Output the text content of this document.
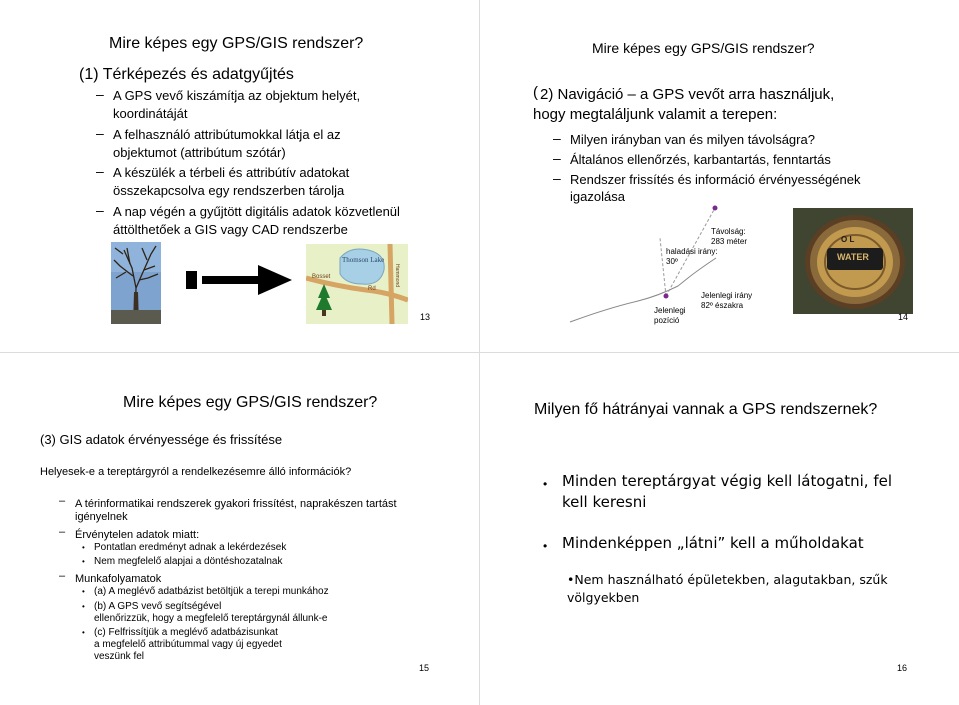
Mire képes egy GPS/GIS rendszer?

(1) Térképezés és adatgyűjtés

– A GPS vevő kiszámítja az objektum helyét,

koordinátáját

– A felhasználó attribútumokkal látja el az

objektumot (attribútum szótár)

– A készülék a térbeli és attribútív adatokat

összekapcsolva egy rendszerben tárolja

– A nap végén a gyűjtött digitális adatok közvetlenül

áttölthetőek a GIS vagy CAD rendszerbe

Thomson Lake
Bosset
Rd
Hammond
13

Mire képes egy GPS/GIS rendszer?

( 2) Navigáció – a GPS vevőt arra használjuk,

hogy megtaláljunk valamit a terepen:

– Milyen irányban van és milyen távolságra?

– Általános ellenőrzés, karbantartás, fenntartás

– Rendszer frissítés és információ érvényességének

igazolása

Távolság:
283 méter
haladási irány:
30º
Jelenlegi irány
82º északra
Jelenlegi
pozíció
O L
WATER
14

Mire képes egy GPS/GIS rendszer?

(3) GIS adatok érvényessége és frissítése

Helyesek-e a tereptárgyról a rendelkezésemre álló információk?

– A térinformatikai rendszerek gyakori frissítést, naprakészen tartást

igényelnek

– Érvénytelen adatok miatt:

• Pontatlan eredményt adnak a lekérdezések

• Nem megfelelő alapjai a döntéshozatalnak

– Munkafolyamatok

• (a) A meglévő adatbázist betöltjük a terepi munkához

• (b) A GPS vevő segítségével

ellenőrizzük, hogy a megfelelő tereptárgynál állunk-e

• (c) Felfrissítjük a meglévő adatbázisunkat

a megfelelő attribútummal vagy új egyedet

veszünk fel

15

Milyen fő hátrányai vannak a GPS rendszernek?

• Minden tereptárgyat végig kell látogatni, fel

kell keresni

• Mindenképpen „látni” kell a műholdakat

•Nem használható épületekben, alagutakban, szűk

völgyekben

16
